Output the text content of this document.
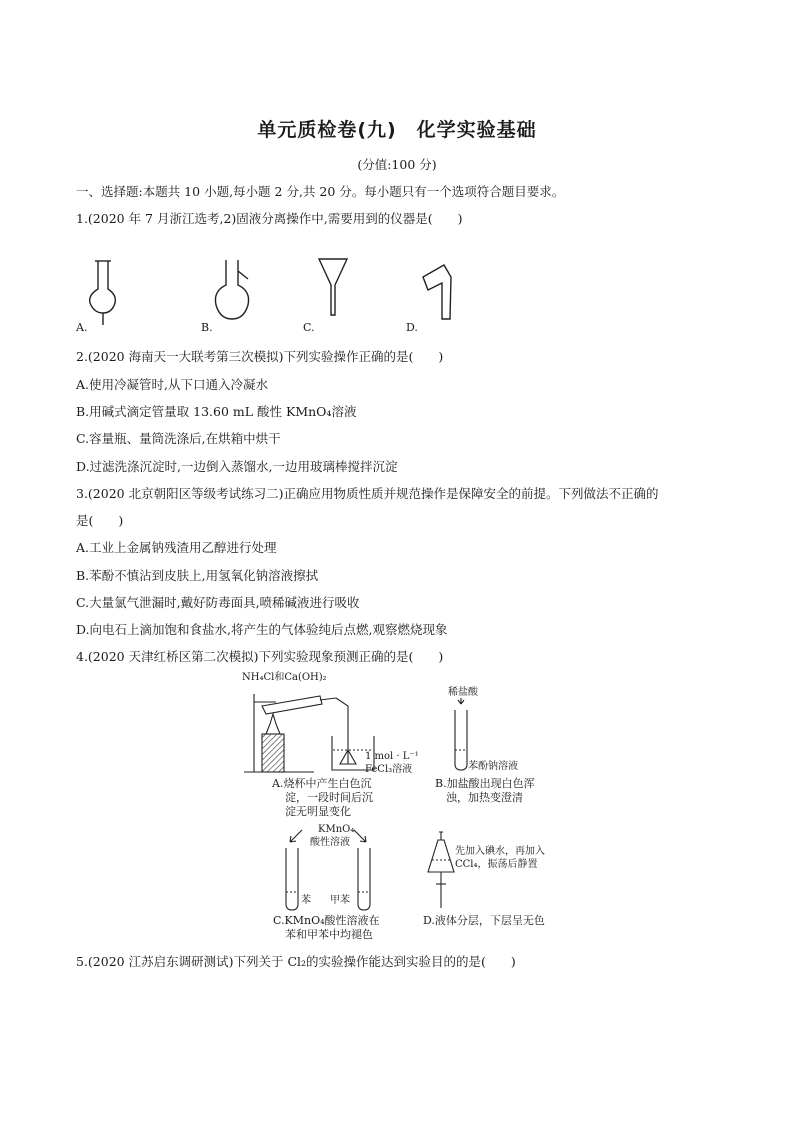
单元质检卷(九)　化学实验基础
(分值:100 分)
一、选择题:本题共 10 小题,每小题 2 分,共 20 分。每小题只有一个选项符合题目要求。
1.(2020 年 7 月浙江选考,2)固液分离操作中,需要用到的仪器是(　　)
A.	B.	C.	D.
2.(2020 海南天一大联考第三次模拟)下列实验操作正确的是(　　)
A.使用冷凝管时,从下口通入冷凝水
B.用碱式滴定管量取 13.60 mL 酸性 KMnO₄溶液
C.容量瓶、量筒洗涤后,在烘箱中烘干
D.过滤洗涤沉淀时,一边倒入蒸馏水,一边用玻璃棒搅拌沉淀
3.(2020 北京朝阳区等级考试练习二)正确应用物质性质并规范操作是保障安全的前提。下列做法不正确的
是(　　)
A.工业上金属钠残渣用乙醇进行处理
B.苯酚不慎沾到皮肤上,用氢氧化钠溶液擦拭
C.大量氯气泄漏时,戴好防毒面具,喷稀碱液进行吸收
D.向电石上滴加饱和食盐水,将产生的气体验纯后点燃,观察燃烧现象
4.(2020 天津红桥区第二次模拟)下列实验现象预测正确的是(　　)
NH₄Cl和Ca(OH)₂
1 mol · L⁻¹
FeCl₃溶液
A.烧杯中产生白色沉
淀，一段时间后沉
淀无明显变化
稀盐酸
苯酚钠溶液
B.加盐酸出现白色浑
浊，加热变澄清
KMnO₄
酸性溶液
苯 甲苯
C.KMnO₄酸性溶液在
苯和甲苯中均褪色
先加入碘水，再加入
CCl₄，振荡后静置
D.液体分层，下层呈无色
5.(2020 江苏启东调研测试)下列关于 Cl₂的实验操作能达到实验目的的是(　　)
